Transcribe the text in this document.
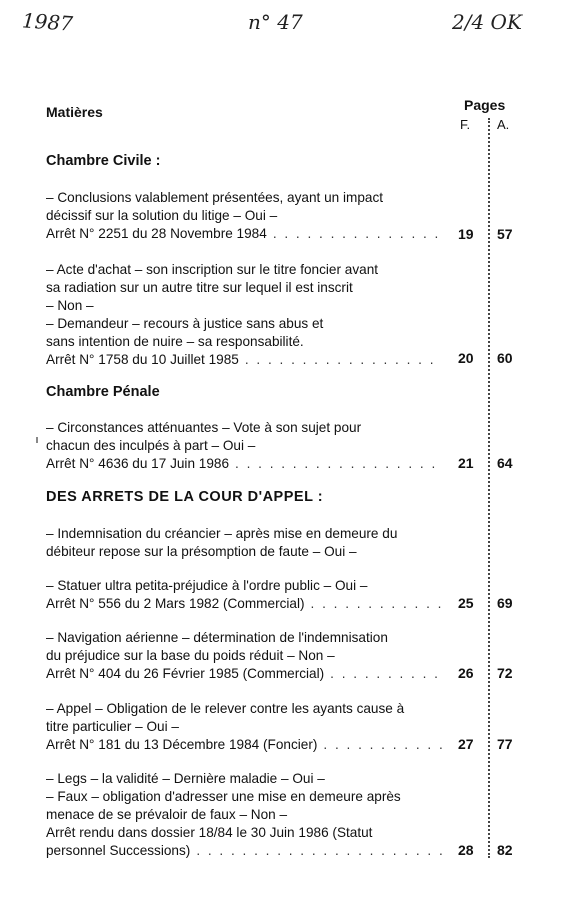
1987	n° 47	2/4 OK
Matières	Pages
F. A.
Chambre Civile :
– Conclusions valablement présentées, ayant un impact
décissif sur la solution du litige – Oui –
Arrêt N° 2251 du 28 Novembre 1984 . . .	19 57
– Acte d'achat – son inscription sur le titre foncier avant
sa radiation sur un autre titre sur lequel il est inscrit
– Non –
– Demandeur – recours à justice sans abus et
sans intention de nuire – sa responsabilité.
Arrêt N° 1758 du 10 Juillet 1985 . . .	20 60
Chambre Pénale
– Circonstances atténuantes – Vote à son sujet pour
chacun des inculpés à part – Oui –
Arrêt N° 4636 du 17 Juin 1986 . . .	21 64
DES ARRETS DE LA COUR D'APPEL :
– Indemnisation du créancier – après mise en demeure du
débiteur repose sur la présomption de faute – Oui –
– Statuer ultra petita-préjudice à l'ordre public – Oui –
Arrêt N° 556 du 2 Mars 1982 (Commercial) . . .	25 69
– Navigation aérienne – détermination de l'indemnisation
du préjudice sur la base du poids réduit – Non –
Arrêt N° 404 du 26 Février 1985 (Commercial) . . .	26 72
– Appel – Obligation de le relever contre les ayants cause à
titre particulier – Oui –
Arrêt N° 181 du 13 Décembre 1984 (Foncier) . . .	27 77
– Legs – la validité – Dernière maladie – Oui –
– Faux – obligation d'adresser une mise en demeure après
menace de se prévaloir de faux – Non –
Arrêt rendu dans dossier 18/84 le 30 Juin 1986 (Statut
personnel Successions) . . .	28 82
